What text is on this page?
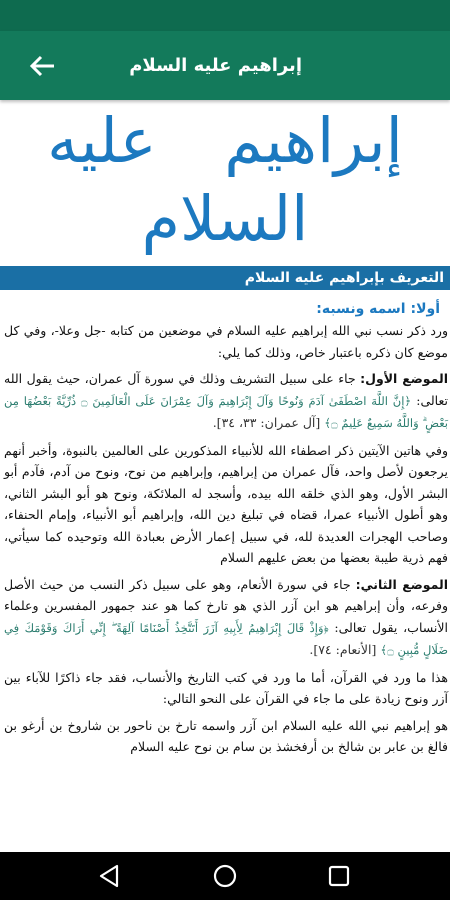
إبراهيم عليه السلام
إبراهيم عليه السلام
التعريف بإبراهيم عليه السلام
أولا: اسمه ونسبه:

ورد ذكر نسب نبي الله إبراهيم عليه السلام في موضعين من كتابه -جل وعلا-، وفي كل موضع كان ذكره باعتبار خاص، وذلك كما يلي:

الموضع الأول: جاء على سبيل التشريف وذلك في سورة آل عمران، حيث يقول الله تعالى: ﴿إِنَّ اللَّهَ اصْطَفَىٰ آدَمَ وَنُوحًا وَآلَ إِبْرَاهِيمَ وَآلَ عِمْرَانَ عَلَى الْعَالَمِينَ ۝ ذُرِّيَّةً بَعْضُهَا مِن بَعْضٍ ۗ وَاللَّهُ سَمِيعٌ عَلِيمٌ ۝﴾ [آل عمران: ٣٣، ٣٤].

وفي هاتين الآيتين ذكر اصطفاء الله للأنبياء المذكورين على العالمين بالنبوة، وأخبر أنهم يرجعون لأصل واحد، فآل عمران من إبراهيم، وإبراهيم من نوح، ونوح من آدم، فآدم أبو البشر الأول، وهو الذي خلقه الله بيده، وأسجد له الملائكة، ونوح هو أبو البشر الثاني، وهو أطول الأنبياء عمرا، قضاه في تبليغ دين الله، وإبراهيم أبو الأنبياء، وإمام الحنفاء، وصاحب الهجرات العديدة لله، في سبيل إعمار الأرض بعبادة الله وتوحيده كما سيأتي، فهم ذرية طيبة بعضها من بعض عليهم السلام

الموضع الثاني: جاء في سورة الأنعام، وهو على سبيل ذكر النسب من حيث الأصل وفرعه، وأن إبراهيم هو ابن آزر الذي هو تارخ كما هو عند جمهور المفسرين وعلماء الأنساب، يقول تعالى: ﴿وَإِذْ قَالَ إِبْرَاهِيمُ لِأَبِيهِ آزَرَ أَتَتَّخِذُ أَصْنَامًا آلِهَةً ۖ إِنِّي أَرَاكَ وَقَوْمَكَ فِي ضَلَالٍ مُّبِينٍ ۝﴾ [الأنعام: ٧٤].

هذا ما ورد في القرآن، أما ما ورد في كتب التاريخ والأنساب، فقد جاء ذاكرًا للآباء بين آزر ونوح زيادة على ما جاء في القرآن على النحو التالي:

هو إبراهيم نبي الله عليه السلام ابن آزر واسمه تارخ بن ناحور بن شاروخ بن أرغو بن فالغ بن عابر بن شالخ بن أرفخشذ بن سام بن نوح عليه السلام
